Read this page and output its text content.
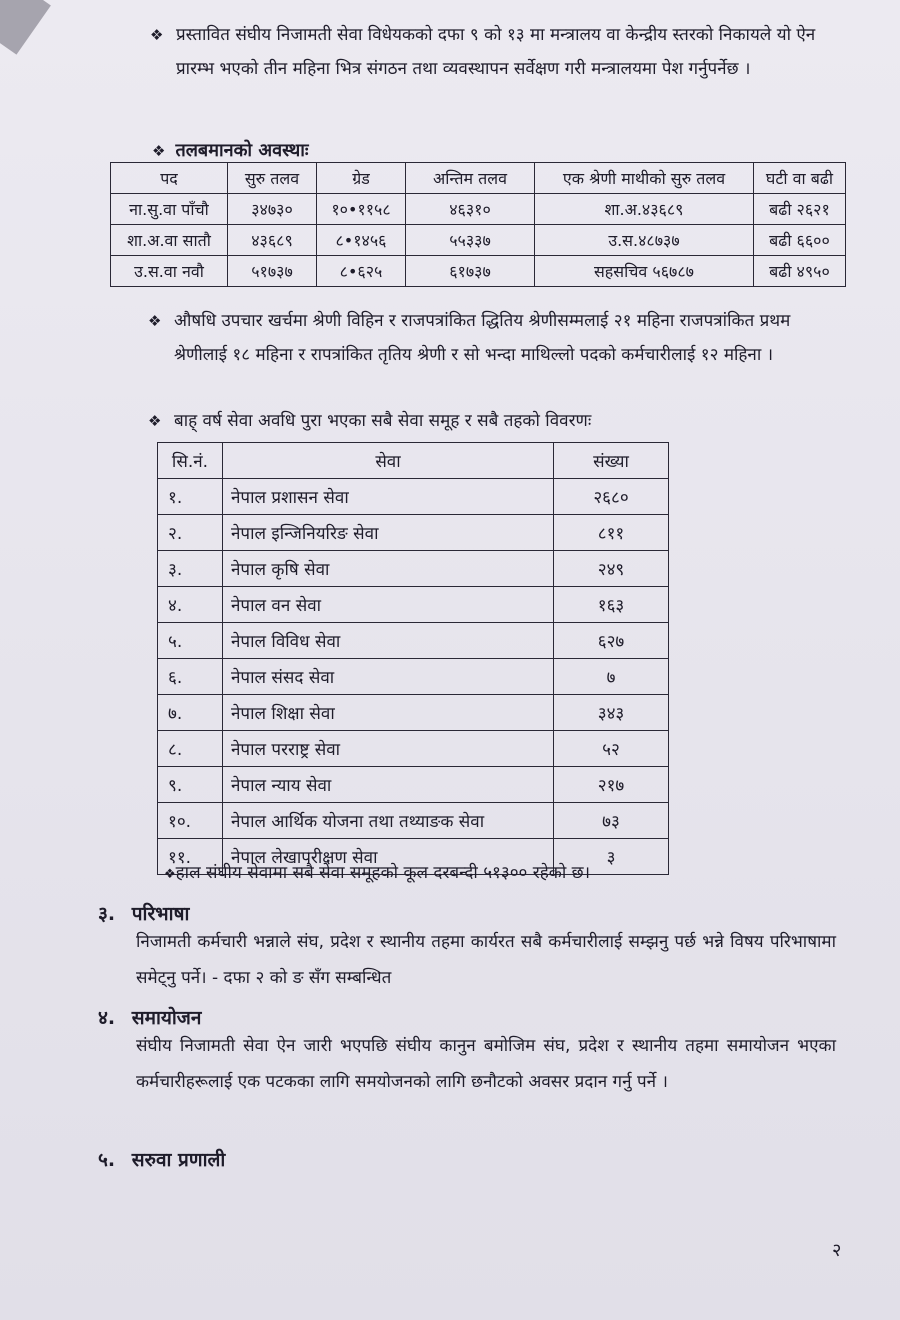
❖ प्रस्तावित संघीय निजामती सेवा विधेयकको दफा ९ को १३ मा मन्त्रालय वा केन्द्रीय स्तरको निकायले यो ऐन प्रारम्भ भएको तीन महिना भित्र संगठन तथा व्यवस्थापन सर्वेक्षण गरी मन्त्रालयमा पेश गर्नुपर्नेछ ।
❖ तलबमानको अवस्थाः
पद	सुरु तलव	ग्रेड	अन्तिम तलव	एक श्रेणी माथीको सुरु तलव	घटी वा बढी
ना.सु.वा पाँचौ	३४७३०	१०•११५८	४६३१०	शा.अ.४३६८९	बढी २६२१
शा.अ.वा सातौ	४३६८९	८•१४५६	५५३३७	उ.स.४८७३७	बढी ६६००
उ.स.वा नवौ	५१७३७	८•६२५	६१७३७	सहसचिव ५६७८७	बढी ४९५०
❖ औषधि उपचार खर्चमा श्रेणी विहिन र राजपत्रांकित द्धितिय श्रेणीसम्मलाई २१ महिना राजपत्रांकित प्रथम श्रेणीलाई १८ महिना र रापत्रांकित तृतिय श्रेणी र सो भन्दा माथिल्लो पदको कर्मचारीलाई १२ महिना ।
❖ बाह् वर्ष सेवा अवधि पुरा भएका सबै सेवा समूह र सबै तहको विवरणः
सि.नं.	सेवा	संख्या
१.	नेपाल प्रशासन सेवा	२६८०
२.	नेपाल इन्जिनियरिङ सेवा	८११
३.	नेपाल कृषि सेवा	२४९
४.	नेपाल वन सेवा	१६३
५.	नेपाल विविध सेवा	६२७
६.	नेपाल संसद सेवा	७
७.	नेपाल शिक्षा सेवा	३४३
८.	नेपाल परराष्ट्र सेवा	५२
९.	नेपाल न्याय सेवा	२१७
१०.	नेपाल आर्थिक योजना तथा तथ्याङक सेवा	७३
११.	नेपाल लेखापरीक्षण सेवा	३
❖हाल संघीय सेवामा सबै सेवा समूहको कूल दरबन्दी ५१३०० रहेको छ।
३. परिभाषा
निजामती कर्मचारी भन्नाले संघ, प्रदेश र स्थानीय तहमा कार्यरत सबै कर्मचारीलाई सम्झनु पर्छ भन्ने विषय परिभाषामा समेट्नु पर्ने। - दफा २ को ङ सँग सम्बन्धित
४. समायोजन
संघीय निजामती सेवा ऐन जारी भएपछि संघीय कानुन बमोजिम संघ, प्रदेश र स्थानीय तहमा समायोजन भएका कर्मचारीहरूलाई एक पटकका लागि समयोजनको लागि छनौटको अवसर प्रदान गर्नु पर्ने ।
५. सरुवा प्रणाली
२
